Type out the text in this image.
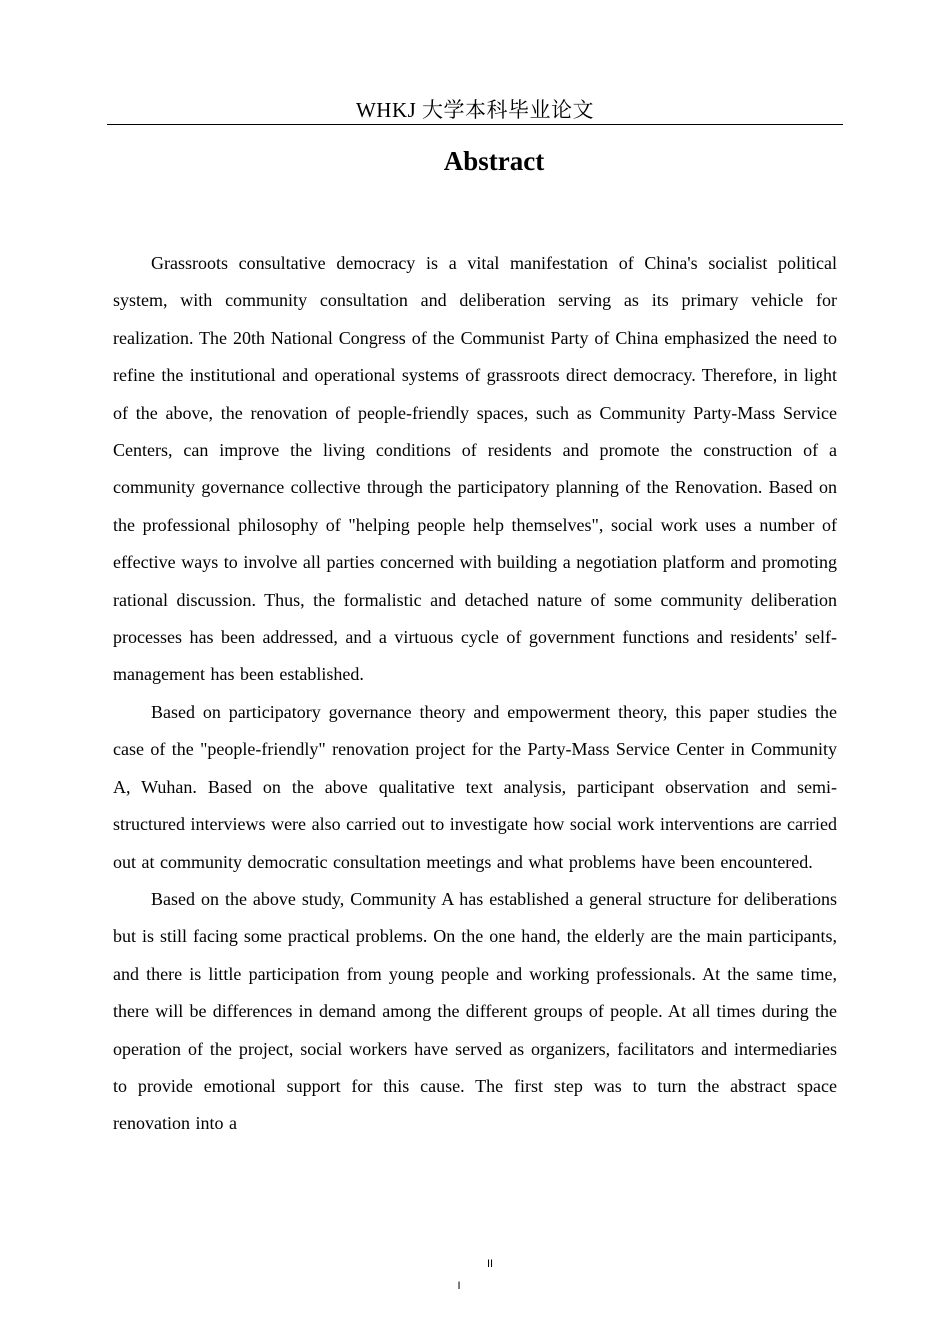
WHKJ 大学本科毕业论文
Abstract

Grassroots consultative democracy is a vital manifestation of China's socialist political system, with community consultation and deliberation serving as its primary vehicle for realization. The 20th National Congress of the Communist Party of China emphasized the need to refine the institutional and operational systems of grassroots direct democracy. Therefore, in light of the above, the renovation of people-friendly spaces, such as Community Party-Mass Service Centers, can improve the living conditions of residents and promote the construction of a community governance collective through the participatory planning of the Renovation. Based on the professional philosophy of "helping people help themselves", social work uses a number of effective ways to involve all parties concerned with building a negotiation platform and promoting rational discussion. Thus, the formalistic and detached nature of some community deliberation processes has been addressed, and a virtuous cycle of government functions and residents' self-management has been established.

Based on participatory governance theory and empowerment theory, this paper studies the case of the "people-friendly" renovation project for the Party-Mass Service Center in Community A, Wuhan. Based on the above qualitative text analysis, participant observation and semi-structured interviews were also carried out to investigate how social work interventions are carried out at community democratic consultation meetings and what problems have been encountered.

Based on the above study, Community A has established a general structure for deliberations but is still facing some practical problems. On the one hand, the elderly are the main participants, and there is little participation from young people and working professionals. At the same time, there will be differences in demand among the different groups of people. At all times during the operation of the project, social workers have served as organizers, facilitators and intermediaries to provide emotional support for this cause. The first step was to turn the abstract space renovation into a

II
I
